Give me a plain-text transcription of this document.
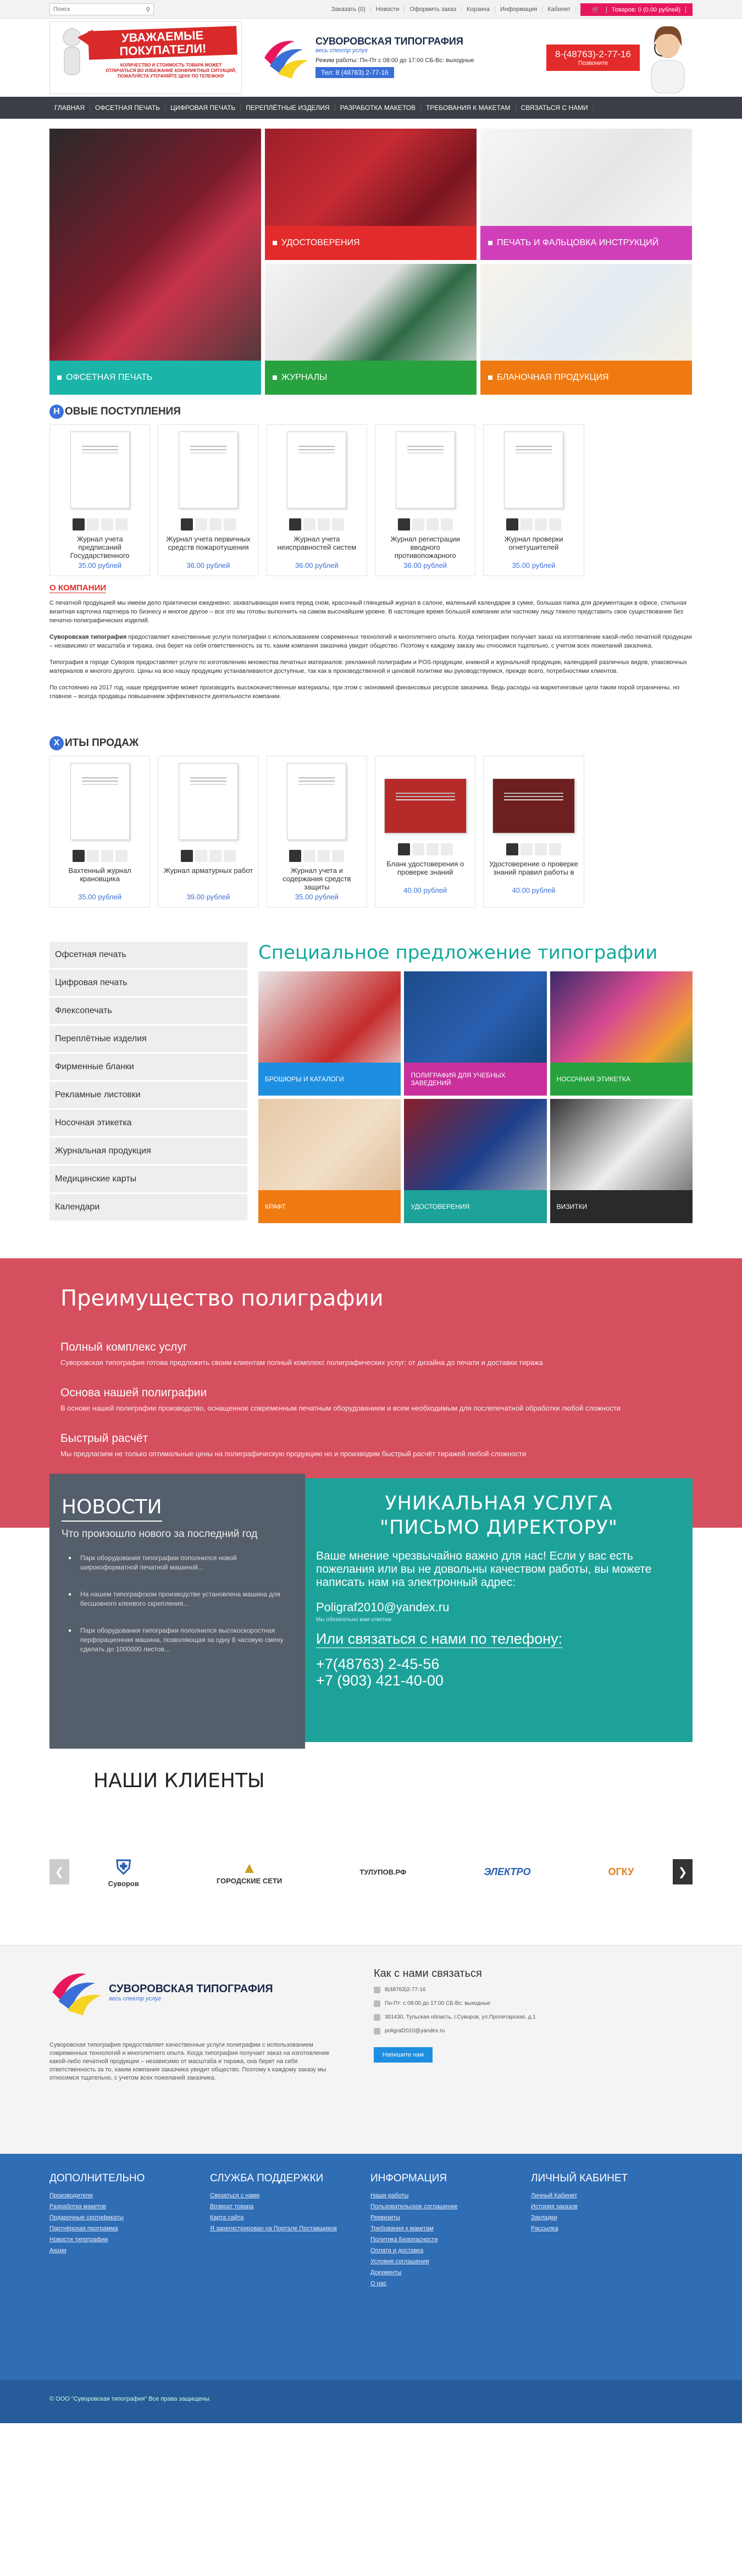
Поиск
⚲	Заказать (0)	Новости	Оформить заказ	Корзина	Информация	Кабинет	🛒 Товаров: 0 (0.00 рублей)
УВАЖАЕМЫЕ ПОКУПАТЕЛИ!
КОЛИЧЕСТВО И СТОИМОСТЬ ТОВАРА МОЖЕТ ОТЛИЧАТЬСЯ ВО ИЗБЕЖАНИЕ КОНФЛИКТНЫХ СИТУАЦИЙ, ПОЖАЛУЙСТА УТОЧНЯЙТЕ ЦЕНУ ПО ТЕЛЕФОНУ
СУВОРОВСКАЯ ТИПОГРАФИЯ
весь спектр услуг
Режим работы: Пн-Пт с 08:00 до 17:00 СБ-Вс: выходные
Тел: 8 (48763) 2-77-16
8-(48763)-2-77-16
Позвоните
ГЛАВНАЯ	ОФСЕТНАЯ ПЕЧАТЬ	ЦИФРОВАЯ ПЕЧАТЬ	ПЕРЕПЛЁТНЫЕ ИЗДЕЛИЯ	РАЗРАБОТКА МАКЕТОВ	ТРЕБОВАНИЯ К МАКЕТАМ	СВЯЗАТЬСЯ С НАМИ
ОФСЕТНАЯ ПЕЧАТЬ
УДОСТОВЕРЕНИЯ	ПЕЧАТЬ И ФАЛЬЦОВКА ИНСТРУКЦИЙ
ЖУРНАЛЫ	БЛАНОЧНАЯ ПРОДУКЦИЯ
Н ОВЫЕ ПОСТУПЛЕНИЯ
Журнал учета предписаний Государственного
35.00 рублей
Журнал учета первичных средств пожаротушения
36.00 рублей
Журнал учета неисправностей систем
36.00 рублей
Журнал регистрации вводного противопожарного
36.00 рублей
Журнал проверки огнетушителей
35.00 рублей
О КОМПАНИИ

С печатной продукцией мы имеем дело практически ежедневно: захватывающая книга перед сном, красочный глянцевый журнал в салоне, маленький календарик в сумке, большая папка для документации в офисе, стильная визитная карточка партнера по бизнесу и многое другое – все это мы готовы выполнить на самом высочайшем уровне. В настоящее время большой компании или частному лицу тяжело представить свое существование без печатно-полиграфических изделий.

Суворовская типография предоставляет качественные услуги полиграфии с использованием современных технологий и многолетнего опыта. Когда типография получает заказ на изготовление какой-либо печатной продукции – независимо от масштаба и тиража, она берет на себя ответственность за то, каким компания заказчика увидит общество. Поэтому к каждому заказу мы относимся тщательно, с учетом всех пожеланий заказчика.

Типография в городе Суворов предоставляет услуги по изготовлению множества печатных материалов: рекламной полиграфии и POS-продукции, книжной и журнальной продукции, календарей различных видов, упаковочных материалов и многого другого. Цены на всю нашу продукцию устанавливаются доступные, так как в производственной и ценовой политике мы руководствуемся, прежде всего, потребностями клиентов.

По состоянию на 2017 год, наше предприятие может производить высококачественные материалы, при этом с экономией финансовых ресурсов заказчика. Ведь расходы на маркетинговые цели таким порой ограничены, но главное – всегда продавцы повышением эффективности деятельности компании.

Х ИТЫ ПРОДАЖ
Вахтенный журнал крановщика
35.00 рублей
Журнал арматурных работ
39.00 рублей
Журнал учета и содержания средств защиты
35.00 рублей
Бланк удостоверения о проверке знаний
40.00 рублей
Удостоверение о проверке знаний правил работы в
40.00 рублей
Офсетная печать
Цифровая печать
Флексопечать
Переплётные изделия
Фирменные бланки
Рекламные листовки
Носочная этикетка
Журнальная продукция
Медицинские карты
Календари
Специальное предложение типографии
БРОШЮРЫ И КАТАЛОГИ	ПОЛИГРАФИЯ ДЛЯ УЧЕБНЫХ ЗАВЕДЕНИЙ	НОСОЧНАЯ ЭТИКЕТКА
КРАФТ	УДОСТОВЕРЕНИЯ	ВИЗИТКИ
Преимущество полиграфии
Полный комплекс услуг

Суворовская типография готова предложить своим клиентам полный комплекс полиграфических услуг: от дизайна до печати и доставки тиража

Основа нашей полиграфии

В основе нашей полиграфии производство, оснащенное современным печатным оборудованием и всем необходимым для послепечатной обработки любой сложности

Быстрый расчёт

Мы предлагаем не только оптимальные цены на полиграфическую продукцию но и производим быстрый расчёт тиражей любой сложности

НОВОСТИ
Что произошло нового за последний год
● Парк оборудования типографии пополнился новой широкоформатной печатной машиной...
● На нашем типографском производстве установлена машина для бесшовного клеевого скрепления...
● Парк оборудования типографии пополнился высокоскоростная перфорационная машина, позволяющая за одну 8 часовую смену сделать до 1000000 листов...
УНИКАЛЬНАЯ УСЛУГА
"ПИСЬМО ДИРЕКТОРУ"
Ваше мнение чрезвычайно важно для нас! Если у вас есть пожелания или вы не довольны качеством работы, вы можете написать нам на электронный адрес:
Poligraf2010@yandex.ru
Мы обязательно вам ответим
Или связаться с нами по телефону:
+7(48763) 2-45-56
+7 (903) 421-40-00
НАШИ КЛИЕНТЫ
❮	⛨
Суворов
▲
ГОРОДСКИЕ СЕТИ
ТУЛУПОВ.РФ	ЭЛЕКТРО	ОГКУ	❯
СУВОРОВСКАЯ ТИПОГРАФИЯ
весь спектр услуг
Суворовская типография предоставляет качественные услуги полиграфии с использованием современных технологий и многолетнего опыта. Когда типография получает заказ на изготовление какой-либо печатной продукции – независимо от масштаба и тиража, она берет на себя ответственность за то, каким компания заказчика увидит общество. Поэтому к каждому заказу мы относимся тщательно, с учетом всех пожеланий заказчика.
Как с нами связаться
8(48763)2-77-16
Пн-Пт: с 08:00 до 17:00 СБ-Вс: выходные
301430, Тульская область, г.Суворов, ул.Пролетарская, д.1
poligraf2010@yandex.ru
Напишите нам
ДОПОЛНИТЕЛЬНО
Производители
Разработка макетов
Подарочные сертификаты
Партнёрская программа
Новости типографии
Акции
СЛУЖБА ПОДДЕРЖКИ
Связаться с нами
Возврат товара
Карта сайта
Я зарегистрирован на Портале Поставщиков
ИНФОРМАЦИЯ
Наши работы
Пользовательское соглашение
Реквизиты
Требования к макетам
Политика Безопасности
Оплата и доставка
Условия соглашения
Документы
О нас
ЛИЧНЫЙ КАБИНЕТ
Личный Кабинет
История заказов
Закладки
Рассылка
© ООО "Суворовская типография" Все права защищены.
